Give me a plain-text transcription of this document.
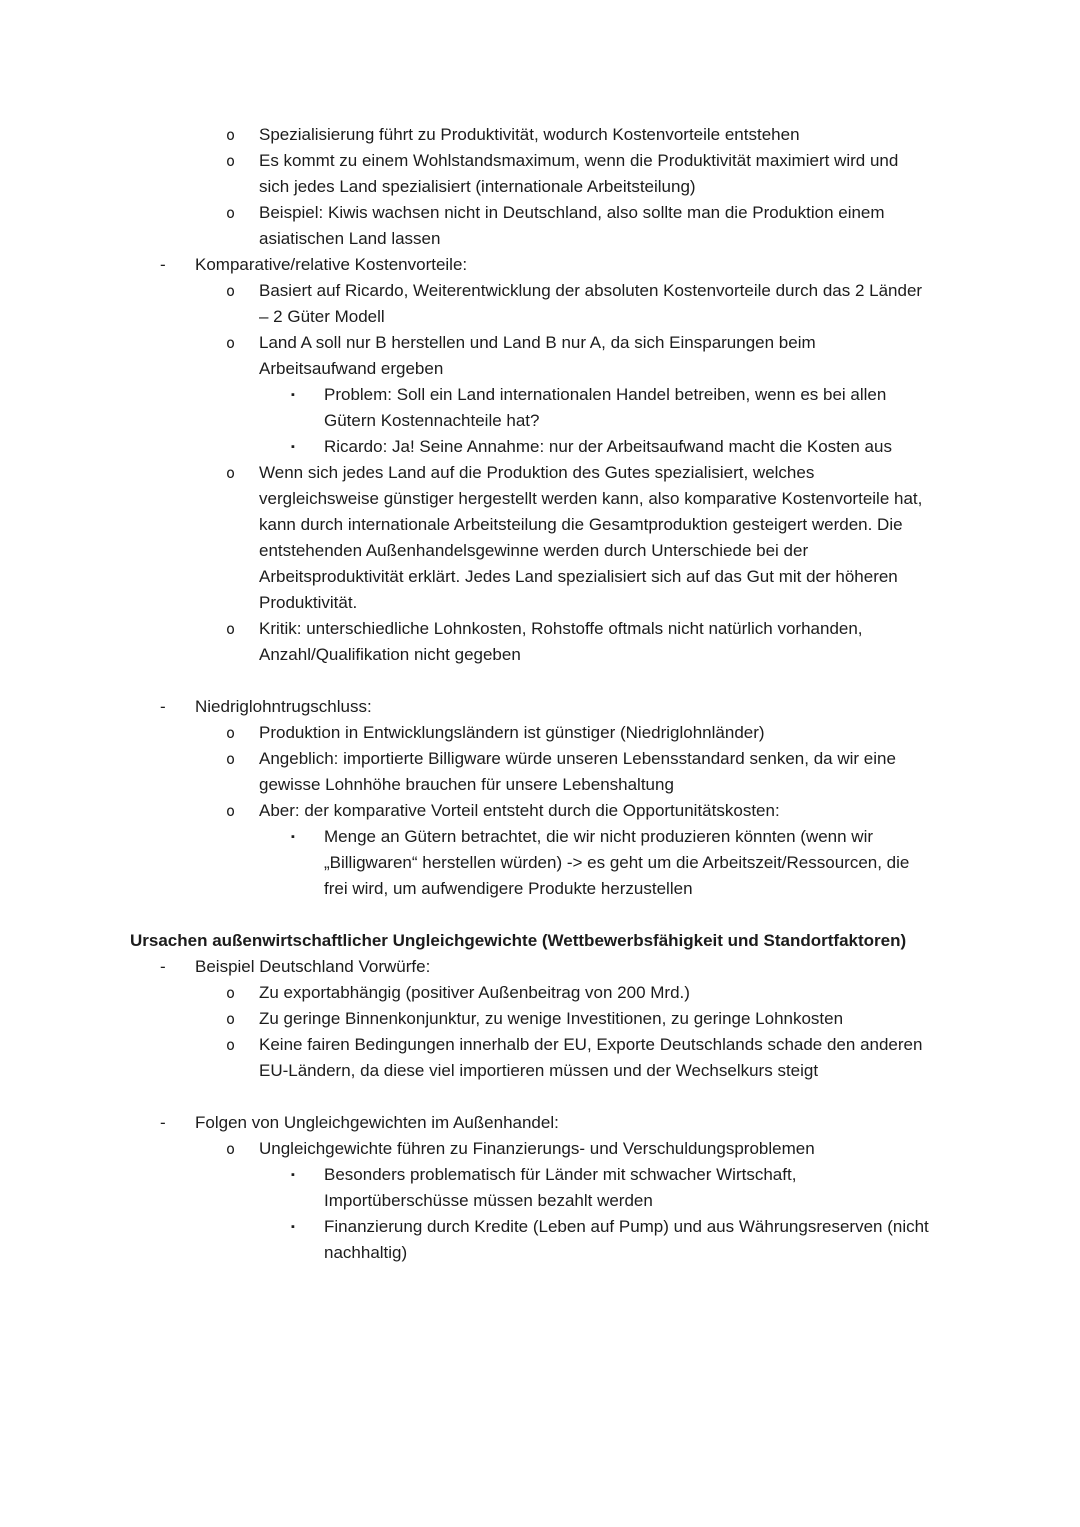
o	Spezialisierung führt zu Produktivität, wodurch Kostenvorteile entstehen
o	Es kommt zu einem Wohlstandsmaximum, wenn die Produktivität maximiert wird und sich jedes Land spezialisiert (internationale Arbeitsteilung)
o	Beispiel: Kiwis wachsen nicht in Deutschland, also sollte man die Produktion einem asiatischen Land lassen
-	Komparative/relative Kostenvorteile:
o	Basiert auf Ricardo, Weiterentwicklung der absoluten Kostenvorteile durch das 2 Länder – 2 Güter Modell
o	Land A soll nur B herstellen und Land B nur A, da sich Einsparungen beim Arbeitsaufwand ergeben
▪	Problem: Soll ein Land internationalen Handel betreiben, wenn es bei allen Gütern Kostennachteile hat?
▪	Ricardo: Ja! Seine Annahme: nur der Arbeitsaufwand macht die Kosten aus
o	Wenn sich jedes Land auf die Produktion des Gutes spezialisiert, welches vergleichsweise günstiger hergestellt werden kann, also komparative Kostenvorteile hat, kann durch internationale Arbeitsteilung die Gesamtproduktion gesteigert werden. Die entstehenden Außenhandelsgewinne werden durch Unterschiede bei der Arbeitsproduktivität erklärt. Jedes Land spezialisiert sich auf das Gut mit der höheren Produktivität.
o	Kritik: unterschiedliche Lohnkosten, Rohstoffe oftmals nicht natürlich vorhanden, Anzahl/Qualifikation nicht gegeben
-	Niedriglohntrugschluss:
o	Produktion in Entwicklungsländern ist günstiger (Niedriglohnländer)
o	Angeblich: importierte Billigware würde unseren Lebensstandard senken, da wir eine gewisse Lohnhöhe brauchen für unsere Lebenshaltung
o	Aber: der komparative Vorteil entsteht durch die Opportunitätskosten:
▪	Menge an Gütern betrachtet, die wir nicht produzieren könnten (wenn wir „Billigwaren“ herstellen würden) -> es geht um die Arbeitszeit/Ressourcen, die frei wird, um aufwendigere Produkte herzustellen
Ursachen außenwirtschaftlicher Ungleichgewichte (Wettbewerbsfähigkeit und Standortfaktoren)
-	Beispiel Deutschland Vorwürfe:
o	Zu exportabhängig (positiver Außenbeitrag von 200 Mrd.)
o	Zu geringe Binnenkonjunktur, zu wenige Investitionen, zu geringe Lohnkosten
o	Keine fairen Bedingungen innerhalb der EU, Exporte Deutschlands schade den anderen EU-Ländern, da diese viel importieren müssen und der Wechselkurs steigt
-	Folgen von Ungleichgewichten im Außenhandel:
o	Ungleichgewichte führen zu Finanzierungs- und Verschuldungsproblemen
▪	Besonders problematisch für Länder mit schwacher Wirtschaft, Importüberschüsse müssen bezahlt werden
▪	Finanzierung durch Kredite (Leben auf Pump) und aus Währungsreserven (nicht nachhaltig)
